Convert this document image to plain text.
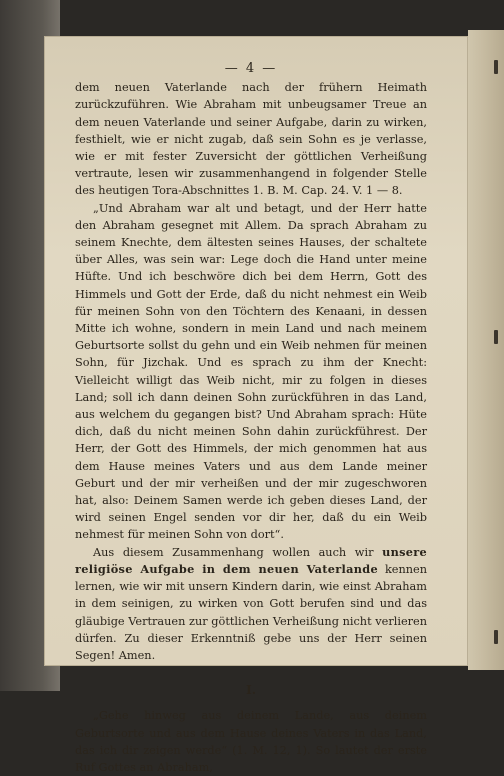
— 4 —

dem neuen Vaterlande nach der frühern Heimath zurückzuführen. Wie Abraham mit unbeugsamer Treue an dem neuen Vaterlande und seiner Aufgabe, darin zu wirken, festhielt, wie er nicht zugab, daß sein Sohn es je verlasse, wie er mit fester Zuversicht der göttlichen Verheißung vertraute, lesen wir zusammenhangend in folgender Stelle des heutigen Tora-Abschnittes 1. B. M. Cap. 24. V. 1 — 8.

„Und Abraham war alt und betagt, und der Herr hatte den Abraham gesegnet mit Allem. Da sprach Abraham zu seinem Knechte, dem ältesten seines Hauses, der schaltete über Alles, was sein war: Lege doch die Hand unter meine Hüfte. Und ich beschwöre dich bei dem Herrn, Gott des Himmels und Gott der Erde, daß du nicht nehmest ein Weib für meinen Sohn von den Töchtern des Kenaani, in dessen Mitte ich wohne, sondern in mein Land und nach meinem Geburtsorte sollst du gehn und ein Weib nehmen für meinen Sohn, für Jizchak. Und es sprach zu ihm der Knecht: Vielleicht willigt das Weib nicht, mir zu folgen in dieses Land; soll ich dann deinen Sohn zurückführen in das Land, aus welchem du gegangen bist? Und Abraham sprach: Hüte dich, daß du nicht meinen Sohn dahin zurückführest. Der Herr, der Gott des Himmels, der mich genommen hat aus dem Hause meines Vaters und aus dem Lande meiner Geburt und der mir verheißen und der mir zugeschworen hat, also: Deinem Samen werde ich geben dieses Land, der wird seinen Engel senden vor dir her, daß du ein Weib nehmest für meinen Sohn von dort“.

Aus diesem Zusammenhang wollen auch wir unsere religiöse Aufgabe in dem neuen Vaterlande kennen lernen, wie wir mit unsern Kindern darin, wie einst Abraham in dem seinigen, zu wirken von Gott berufen sind und das gläubige Vertrauen zur göttlichen Verheißung nicht verlieren dürfen. Zu dieser Erkenntniß gebe uns der Herr seinen Segen! Amen.

I.

„Gehe hinweg aus deinem Lande, aus deinem Geburtsorte und aus dem Hause deines Vaters in das Land, das ich dir zeigen werde“ (1. M. 12, 1). So lautet der erste Ruf Gottes an Abraham,
